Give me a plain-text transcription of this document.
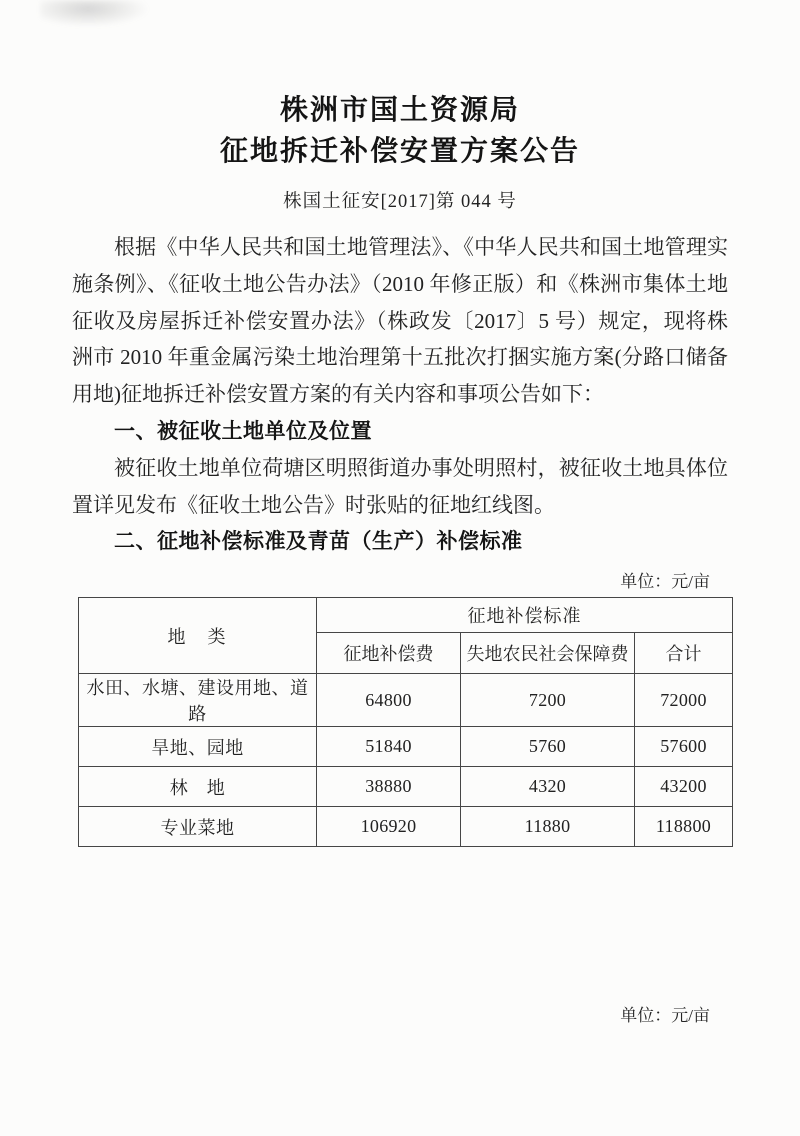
株洲市国土资源局
征地拆迁补偿安置方案公告
株国土征安[2017]第 044 号

根据《中华人民共和国土地管理法》、《中华人民共和国土地管理实施条例》、《征收土地公告办法》（2010 年修正版）和《株洲市集体土地征收及房屋拆迁补偿安置办法》（株政发〔2017〕5 号）规定，现将株洲市 2010 年重金属污染土地治理第十五批次打捆实施方案(分路口储备用地)征地拆迁补偿安置方案的有关内容和事项公告如下：

一、被征收土地单位及位置

被征收土地单位荷塘区明照街道办事处明照村，被征收土地具体位置详见发布《征收土地公告》时张贴的征地红线图。

二、征地补偿标准及青苗（生产）补偿标准

单位：元/亩
地　类	征地补偿标准		
	征地补偿费	失地农民社会保障费	合计
水田、水塘、建设用地、道路	64800	7200	72000
旱地、园地	51840	5760	57600
林　地	38880	4320	43200
专业菜地	106920	11880	118800
单位：元/亩
